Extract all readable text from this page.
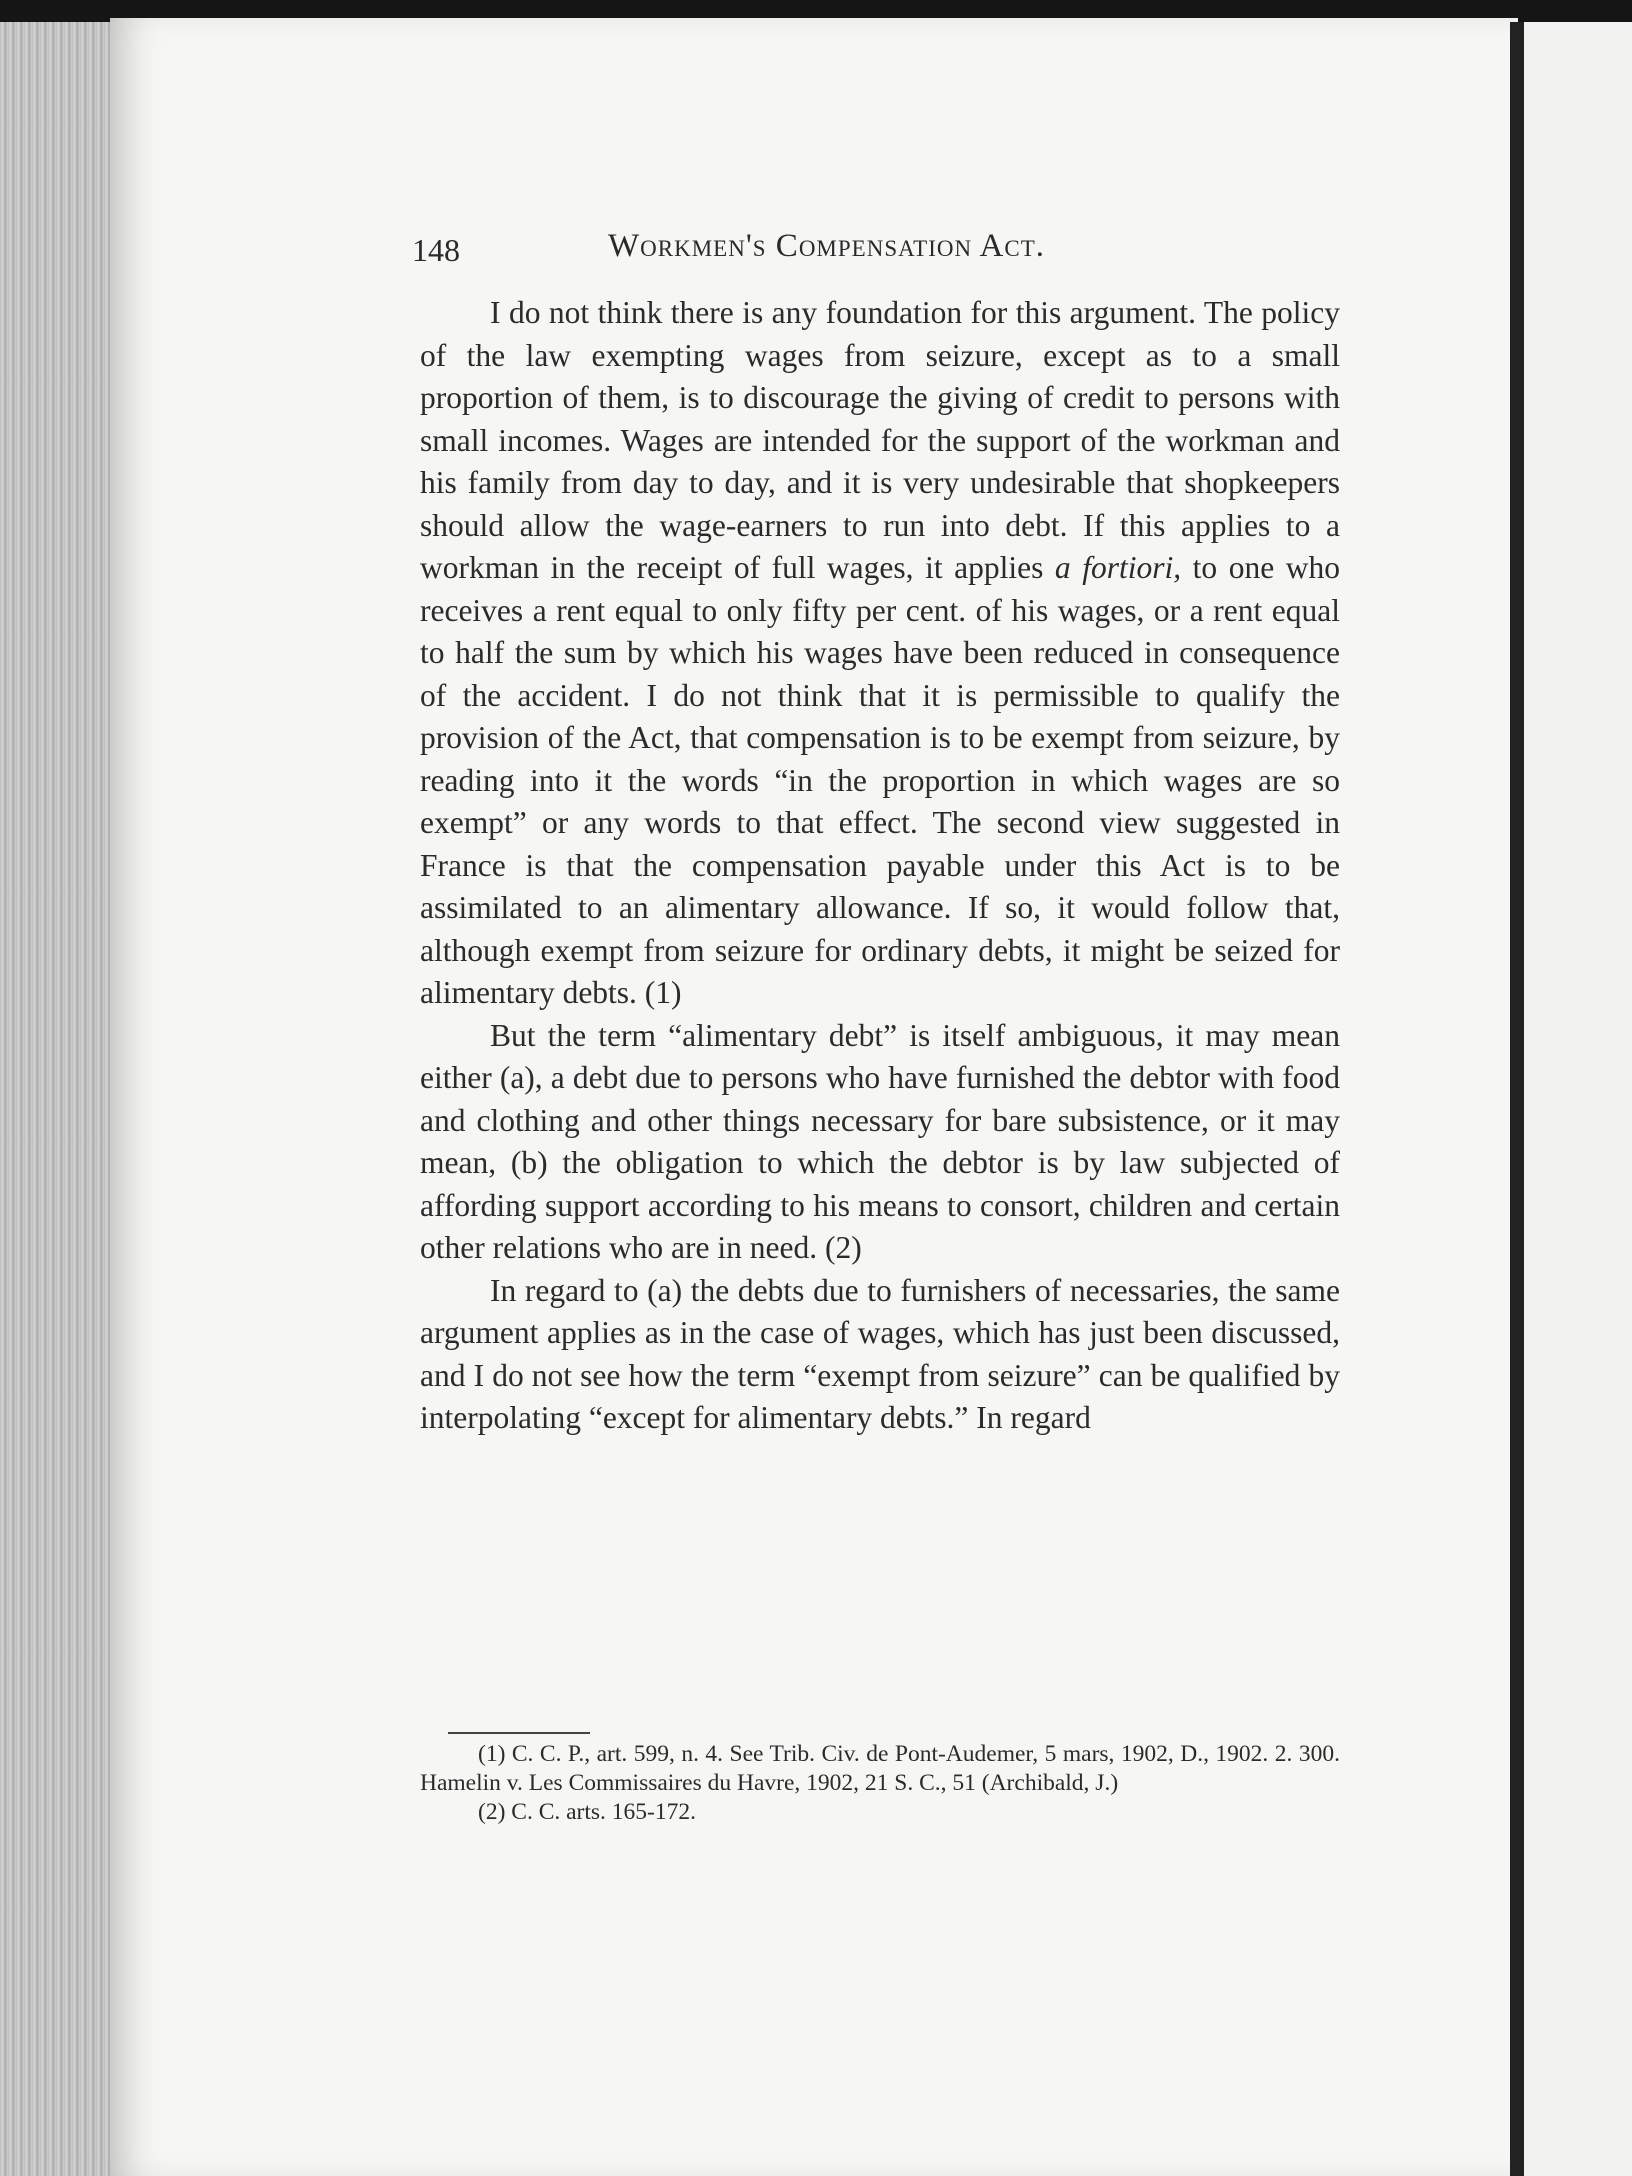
148	Workmen's Compensation Act.

I do not think there is any foundation for this argument. The policy of the law exempting wages from seizure, except as to a small proportion of them, is to discourage the giving of credit to persons with small incomes. Wages are intended for the support of the workman and his family from day to day, and it is very undesirable that shopkeepers should allow the wage-earners to run into debt. If this applies to a workman in the receipt of full wages, it applies a fortiori, to one who receives a rent equal to only fifty per cent. of his wages, or a rent equal to half the sum by which his wages have been reduced in consequence of the accident. I do not think that it is permissible to qualify the provision of the Act, that compensation is to be exempt from seizure, by reading into it the words “in the proportion in which wages are so exempt” or any words to that effect. The second view suggested in France is that the compensation payable under this Act is to be assimilated to an alimentary allowance. If so, it would follow that, although exempt from seizure for ordinary debts, it might be seized for alimentary debts. (1)

But the term “alimentary debt” is itself ambiguous, it may mean either (a), a debt due to persons who have furnished the debtor with food and clothing and other things necessary for bare subsistence, or it may mean, (b) the obligation to which the debtor is by law subjected of affording support according to his means to consort, children and certain other relations who are in need. (2)

In regard to (a) the debts due to furnishers of necessaries, the same argument applies as in the case of wages, which has just been discussed, and I do not see how the term “exempt from seizure” can be qualified by interpolating “except for alimentary debts.” In regard

(1) C. C. P., art. 599, n. 4. See Trib. Civ. de Pont-Audemer, 5 mars, 1902, D., 1902. 2. 300. Hamelin v. Les Commissaires du Havre, 1902, 21 S. C., 51 (Archibald, J.)

(2) C. C. arts. 165-172.
